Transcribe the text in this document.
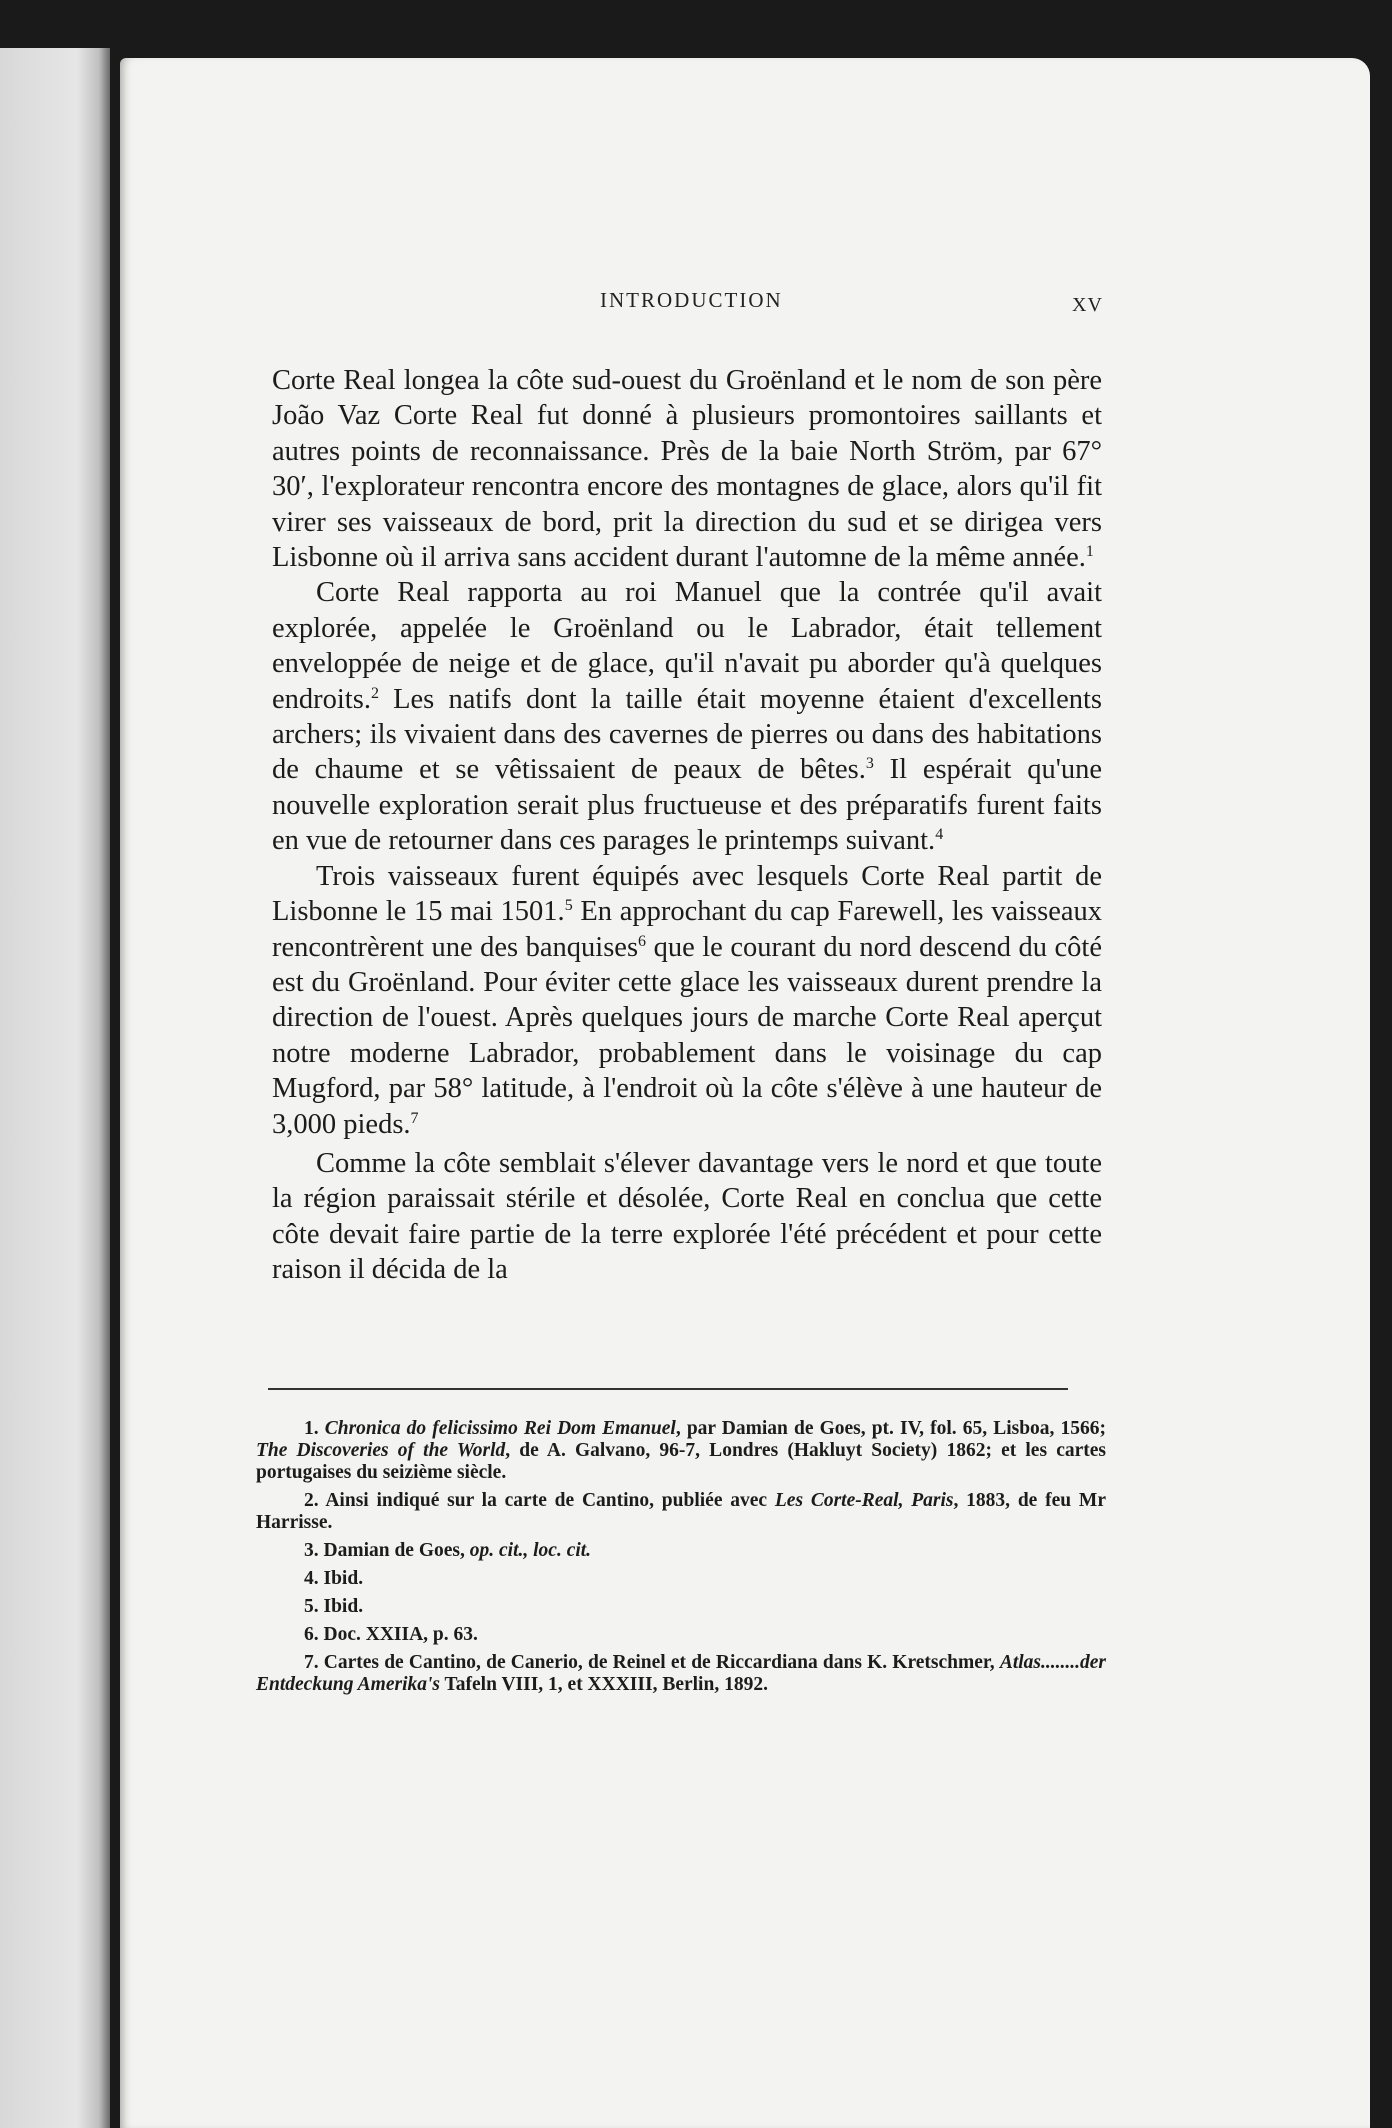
INTRODUCTION	XV

Corte Real longea la côte sud-ouest du Groënland et le nom de son père João Vaz Corte Real fut donné à plusieurs promontoires saillants et autres points de reconnaissance. Près de la baie North Ström, par 67° 30′, l'explorateur rencontra encore des montagnes de glace, alors qu'il fit virer ses vaisseaux de bord, prit la direction du sud et se dirigea vers Lisbonne où il arriva sans accident durant l'automne de la même année.$^1$

Corte Real rapporta au roi Manuel que la contrée qu'il avait explorée, appelée le Groënland ou le Labrador, était tellement enveloppée de neige et de glace, qu'il n'avait pu aborder qu'à quelques endroits.$^2$ Les natifs dont la taille était moyenne étaient d'excellents archers; ils vivaient dans des cavernes de pierres ou dans des habitations de chaume et se vêtissaient de peaux de bêtes.$^3$ Il espérait qu'une nouvelle exploration serait plus fructueuse et des préparatifs furent faits en vue de retourner dans ces parages le printemps suivant.$^4$

Trois vaisseaux furent équipés avec lesquels Corte Real partit de Lisbonne le 15 mai 1501.$^5$ En approchant du cap Farewell, les vaisseaux rencontrèrent une des banquises$^6$ que le courant du nord descend du côté est du Groënland. Pour éviter cette glace les vaisseaux durent prendre la direction de l'ouest. Après quelques jours de marche Corte Real aperçut notre moderne Labrador, probablement dans le voisinage du cap Mugford, par 58° latitude, à l'endroit où la côte s'élève à une hauteur de 3,000 pieds.$^7$

Comme la côte semblait s'élever davantage vers le nord et que toute la région paraissait stérile et désolée, Corte Real en conclua que cette côte devait faire partie de la terre explorée l'été précédent et pour cette raison il décida de la

1. Chronica do felicissimo Rei Dom Emanuel, par Damian de Goes, pt. IV, fol. 65, Lisboa, 1566; The Discoveries of the World, de A. Galvano, 96-7, Londres (Hakluyt Society) 1862; et les cartes portugaises du seizième siècle.

2. Ainsi indiqué sur la carte de Cantino, publiée avec Les Corte-Real, Paris, 1883, de feu Mr Harrisse.

3. Damian de Goes, op. cit., loc. cit.

4. Ibid.

5. Ibid.

6. Doc. XXIIA, p. 63.

7. Cartes de Cantino, de Canerio, de Reinel et de Riccardiana dans K. Kretschmer, Atlas........der Entdeckung Amerika's Tafeln VIII, 1, et XXXIII, Berlin, 1892.
